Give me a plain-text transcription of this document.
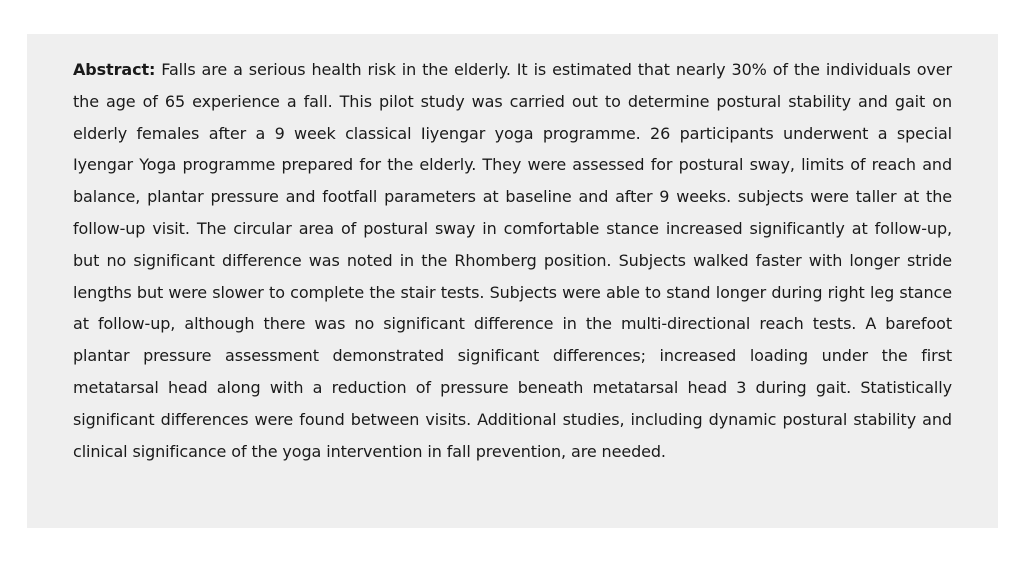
Abstract: Falls are a serious health risk in the elderly. It is estimated that nearly 30% of the individuals over the age of 65 experience a fall. This pilot study was carried out to determine postural stability and gait on elderly females after a 9 week classical Iiyengar yoga programme. 26 participants underwent a special Iyengar Yoga programme prepared for the elderly. They were assessed for postural sway, limits of reach and balance, plantar pressure and footfall parameters at baseline and after 9 weeks. subjects were taller at the follow-up visit. The circular area of postural sway in comfortable stance increased significantly at follow-up, but no significant difference was noted in the Rhomberg position. Subjects walked faster with longer stride lengths but were slower to complete the stair tests. Subjects were able to stand longer during right leg stance at follow-up, although there was no significant difference in the multi-directional reach tests. A barefoot plantar pressure assessment demonstrated significant differences; increased loading under the first metatarsal head along with a reduction of pressure beneath metatarsal head 3 during gait. Statistically significant differences were found between visits. Additional studies, including dynamic postural stability and clinical significance of the yoga intervention in fall prevention, are needed.
